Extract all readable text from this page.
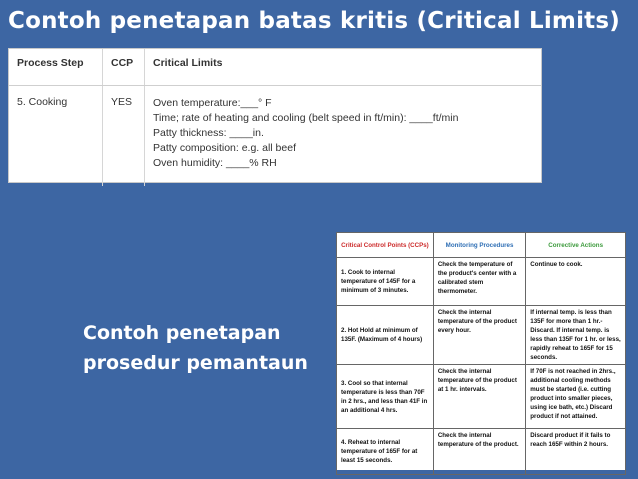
Contoh penetapan batas kritis (Critical Limits)
Process Step	CCP	Critical Limits
5. Cooking	YES	Oven temperature:___° F
Time; rate of heating and cooling (belt speed in ft/min): ____ft/min
Patty thickness: ____in.
Patty composition: e.g. all beef
Oven humidity: ____% RH
Contoh penetapan
prosedur pemantaun
Critical Control Points (CCPs)	Monitoring Procedures	Corrective Actions
1. Cook to internal temperature of 145F for a minimum of 3 minutes.	Check the temperature of the product's center with a calibrated stem thermometer.	Continue to cook.
2. Hot Hold at minimum of 135F. (Maximum of 4 hours)	Check the internal temperature of the product every hour.	If internal temp. is less than 135F for more than 1 hr.- Discard. If internal temp. is less than 135F for 1 hr. or less, rapidly reheat to 165F for 15 seconds.
3. Cool so that internal temperature is less than 70F in 2 hrs., and less than 41F in an additional 4 hrs.	Check the internal temperature of the product at 1 hr. intervals.	If 70F is not reached in 2hrs., additional cooling methods must be started (i.e. cutting product into smaller pieces, using ice bath, etc.) Discard product if not attained.
4. Reheat to internal temperature of 165F for at least 15 seconds.	Check the internal temperature of the product.	Discard product if it fails to reach 165F within 2 hours.
